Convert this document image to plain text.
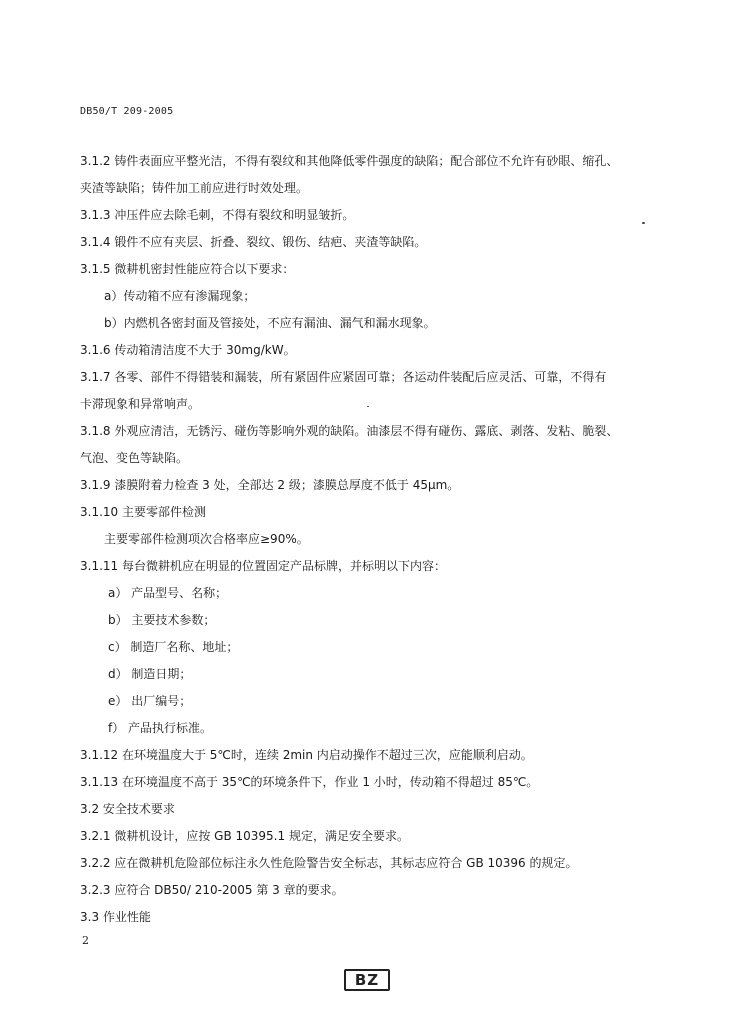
DB50/T 209-2005
3.1.2 铸件表面应平整光洁，不得有裂纹和其他降低零件强度的缺陷；配合部位不允许有砂眼、缩孔、
夹渣等缺陷；铸件加工前应进行时效处理。
3.1.3 冲压件应去除毛刺，不得有裂纹和明显皱折。
3.1.4 锻件不应有夹层、折叠、裂纹、锻伤、结疤、夹渣等缺陷。
3.1.5 微耕机密封性能应符合以下要求：
a）传动箱不应有渗漏现象；
b）内燃机各密封面及管接处，不应有漏油、漏气和漏水现象。
3.1.6 传动箱清洁度不大于 30mg/kW。
3.1.7 各零、部件不得错装和漏装，所有紧固件应紧固可靠；各运动件装配后应灵活、可靠，不得有
卡滞现象和异常响声。
3.1.8 外观应清洁，无锈污、碰伤等影响外观的缺陷。油漆层不得有碰伤、露底、剥落、发粘、脆裂、
气泡、变色等缺陷。
3.1.9 漆膜附着力检查 3 处，全部达 2 级；漆膜总厚度不低于 45μm。
3.1.10 主要零部件检测
主要零部件检测项次合格率应≥90%。
3.1.11 每台微耕机应在明显的位置固定产品标牌，并标明以下内容：
a） 产品型号、名称；
b） 主要技术参数；
c） 制造厂名称、地址；
d） 制造日期；
e） 出厂编号；
f） 产品执行标准。
3.1.12 在环境温度大于 5℃时，连续 2min 内启动操作不超过三次，应能顺利启动。
3.1.13 在环境温度不高于 35℃的环境条件下，作业 1 小时，传动箱不得超过 85℃。
3.2 安全技术要求
3.2.1 微耕机设计，应按 GB 10395.1 规定，满足安全要求。
3.2.2 应在微耕机危险部位标注永久性危险警告安全标志，其标志应符合 GB 10396 的规定。
3.2.3 应符合 DB50/ 210-2005 第 3 章的要求。
3.3 作业性能
2
BZ
